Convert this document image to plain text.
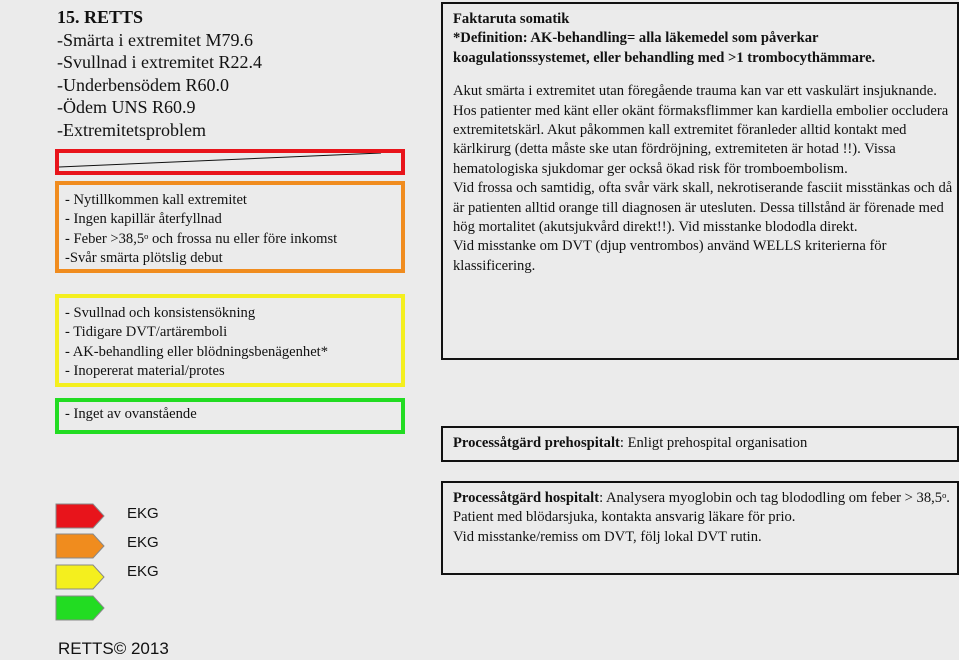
15. RETTS
-Smärta i extremitet M79.6
-Svullnad i extremitet R22.4
-Underbensödem R60.0
-Ödem UNS R60.9
-Extremitetsproblem
- Nytillkommen kall extremitet
- Ingen kapillär återfyllnad
- Feber >38,5ᵒ och frossa nu eller före inkomst
-Svår smärta plötslig debut
- Svullnad och konsistensökning
- Tidigare DVT/artäremboli
- AK-behandling eller blödningsbenägenhet*
- Inopererat material/protes
- Inget av ovanstående
Faktaruta somatik
*Definition: AK-behandling= alla läkemedel som påverkar koagulationssystemet, eller behandling med >1 trombocythämmare.
Akut smärta i extremitet utan föregående trauma kan var ett vaskulärt insjuknande. Hos patienter med känt eller okänt förmaksflimmer kan kardiella embolier occludera extremitetskärl. Akut påkommen kall extremitet föranleder alltid kontakt med kärlkirurg (detta måste ske utan fördröjning, extremiteten är hotad !!). Vissa hematologiska sjukdomar ger också ökad risk för tromboembolism.
Vid frossa och samtidig, ofta svår värk skall, nekrotiserande fasciit misstänkas och då är patienten alltid orange till diagnosen är utesluten. Dessa tillstånd är förenade med hög mortalitet (akutsjukvård direkt!!). Vid misstanke blododla direkt.
Vid misstanke om DVT (djup ventrombos) använd WELLS kriterierna för klassificering.
Processåtgärd prehospitalt: Enligt prehospital organisation
Processåtgärd hospitalt: Analysera myoglobin och tag blododling om feber > 38,5ᵒ.
Patient med blödarsjuka, kontakta ansvarig läkare för prio.
Vid misstanke/remiss om DVT, följ lokal DVT rutin.
EKG
EKG
EKG
RETTS© 2013
